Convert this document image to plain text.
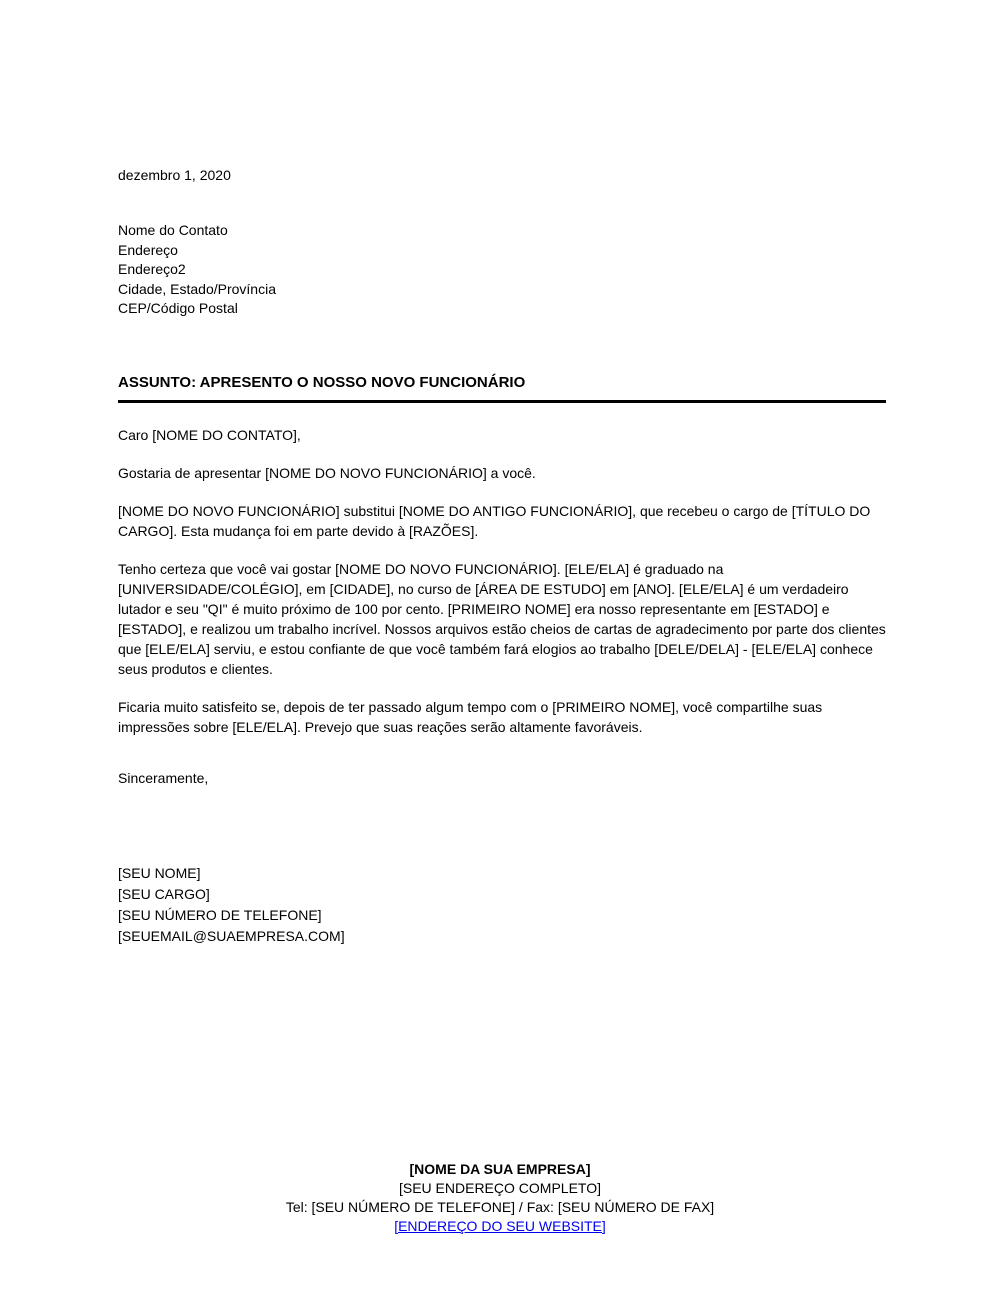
dezembro 1, 2020
Nome do Contato
Endereço
Endereço2
Cidade, Estado/Província
CEP/Código Postal
ASSUNTO: APRESENTO O NOSSO NOVO FUNCIONÁRIO
Caro [NOME DO CONTATO],

Gostaria de apresentar [NOME DO NOVO FUNCIONÁRIO] a você.

[NOME DO NOVO FUNCIONÁRIO] substitui [NOME DO ANTIGO FUNCIONÁRIO], que recebeu o cargo de [TÍTULO DO CARGO]. Esta mudança foi em parte devido à [RAZÕES].

Tenho certeza que você vai gostar [NOME DO NOVO FUNCIONÁRIO]. [ELE/ELA] é graduado na [UNIVERSIDADE/COLÉGIO], em [CIDADE], no curso de [ÁREA DE ESTUDO] em [ANO]. [ELE/ELA] é um verdadeiro lutador e seu "QI" é muito próximo de 100 por cento. [PRIMEIRO NOME] era nosso representante em [ESTADO] e [ESTADO], e realizou um trabalho incrível. Nossos arquivos estão cheios de cartas de agradecimento por parte dos clientes que [ELE/ELA] serviu, e estou confiante de que você também fará elogios ao trabalho [DELE/DELA] - [ELE/ELA] conhece seus produtos e clientes.

Ficaria muito satisfeito se, depois de ter passado algum tempo com o [PRIMEIRO NOME], você compartilhe suas impressões sobre [ELE/ELA]. Prevejo que suas reações serão altamente favoráveis.

Sinceramente,
[SEU NOME]
[SEU CARGO]
[SEU NÚMERO DE TELEFONE]
[SEUEMAIL@SUAEMPRESA.COM]
[NOME DA SUA EMPRESA]
[SEU ENDEREÇO COMPLETO]
Tel: [SEU NÚMERO DE TELEFONE] / Fax: [SEU NÚMERO DE FAX]
[ENDEREÇO DO SEU WEBSITE]
